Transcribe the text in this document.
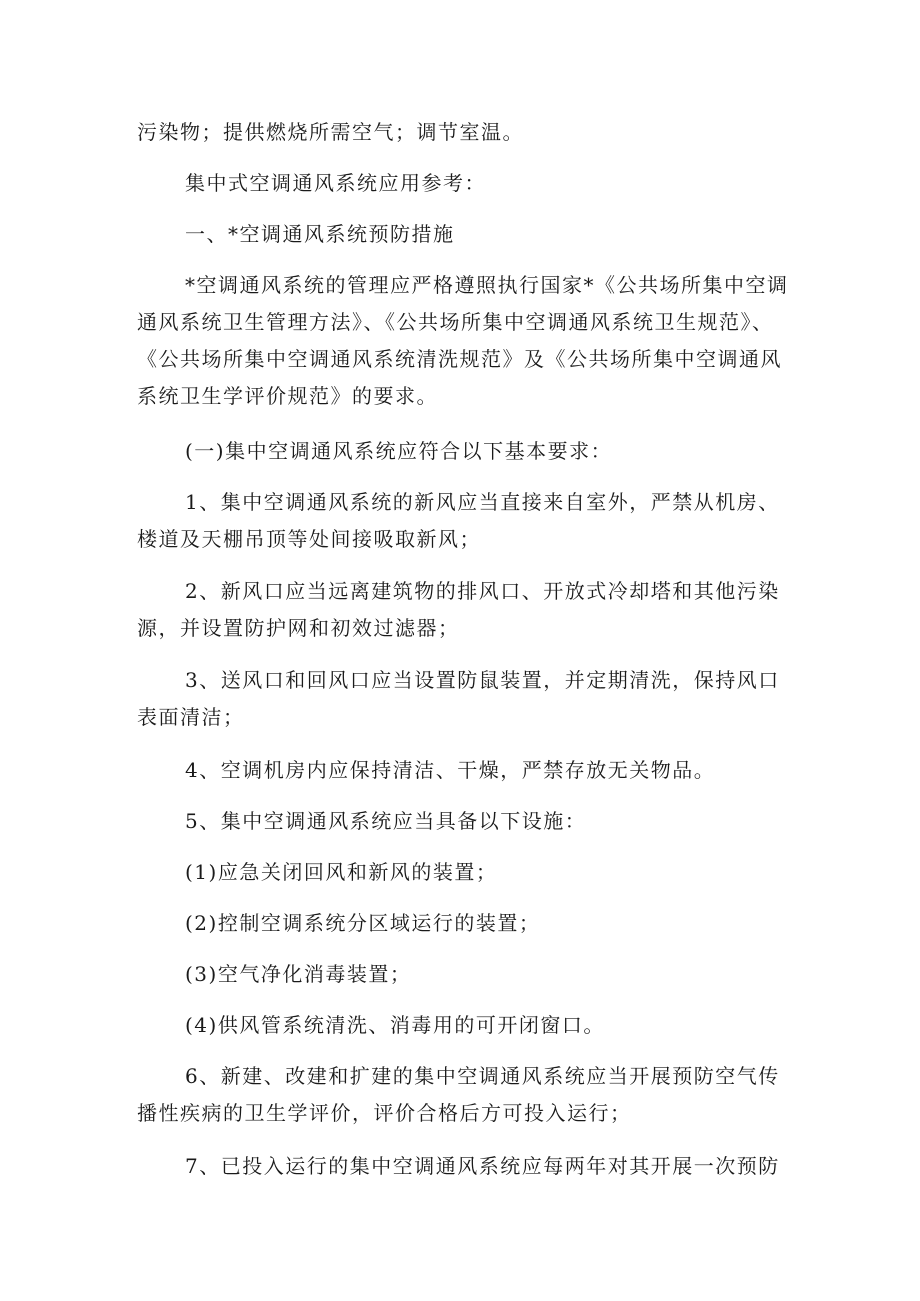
污染物；提供燃烧所需空气；调节室温。

集中式空调通风系统应用参考：

一、*空调通风系统预防措施

*空调通风系统的管理应严格遵照执行国家*《公共场所集中空调通风系统卫生管理方法》、《公共场所集中空调通风系统卫生规范》、《公共场所集中空调通风系统清洗规范》及《公共场所集中空调通风系统卫生学评价规范》的要求。

(一)集中空调通风系统应符合以下基本要求：

1、集中空调通风系统的新风应当直接来自室外，严禁从机房、楼道及天棚吊顶等处间接吸取新风；

2、新风口应当远离建筑物的排风口、开放式冷却塔和其他污染源，并设置防护网和初效过滤器；

3、送风口和回风口应当设置防鼠装置，并定期清洗，保持风口表面清洁；

4、空调机房内应保持清洁、干燥，严禁存放无关物品。

5、集中空调通风系统应当具备以下设施：

(1)应急关闭回风和新风的装置；

(2)控制空调系统分区域运行的装置；

(3)空气净化消毒装置；

(4)供风管系统清洗、消毒用的可开闭窗口。

6、新建、改建和扩建的集中空调通风系统应当开展预防空气传播性疾病的卫生学评价，评价合格后方可投入运行；

7、已投入运行的集中空调通风系统应每两年对其开展一次预防
